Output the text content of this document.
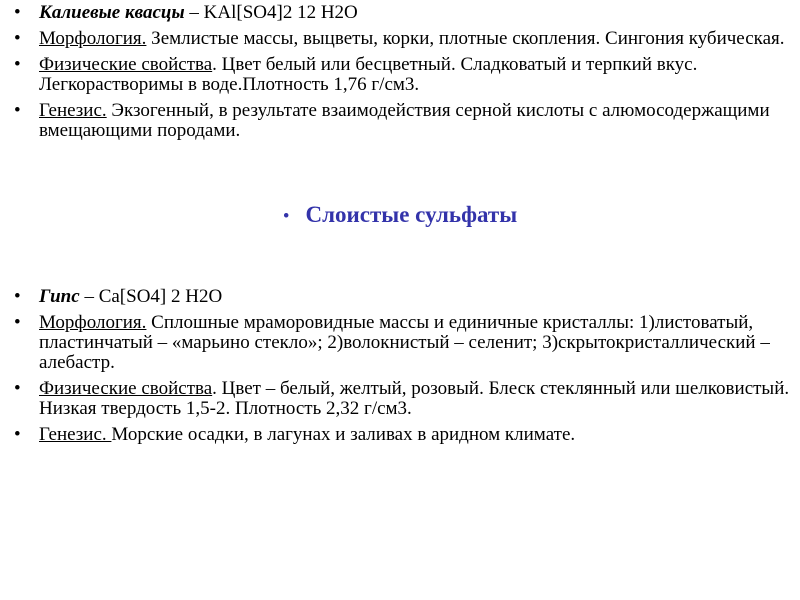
• Калиевые квасцы – KAl[SO4]2 12 H2O
• Морфология. Землистые массы, выцветы, корки, плотные скопления. Сингония кубическая.
• Физические свойства. Цвет белый или бесцветный. Сладковатый и терпкий вкус. Легкорастворимы в воде.Плотность 1,76 г/см3.
• Генезис. Экзогенный, в результате взаимодействия серной кислоты с алюмосодержащими вмещающими породами.
• Слоистые сульфаты
• Гипс – Ca[SO4] 2 H2O
• Морфология. Сплошные мраморовидные массы и единичные кристаллы: 1)листоватый, пластинчатый – «марьино стекло»; 2)волокнистый – селенит; 3)скрытокристаллический – алебастр.
• Физические свойства. Цвет – белый, желтый, розовый. Блеск стеклянный или шелковистый. Низкая твердость 1,5-2. Плотность 2,32 г/см3.
• Генезис. Морские осадки, в лагунах и заливах в аридном климате.
